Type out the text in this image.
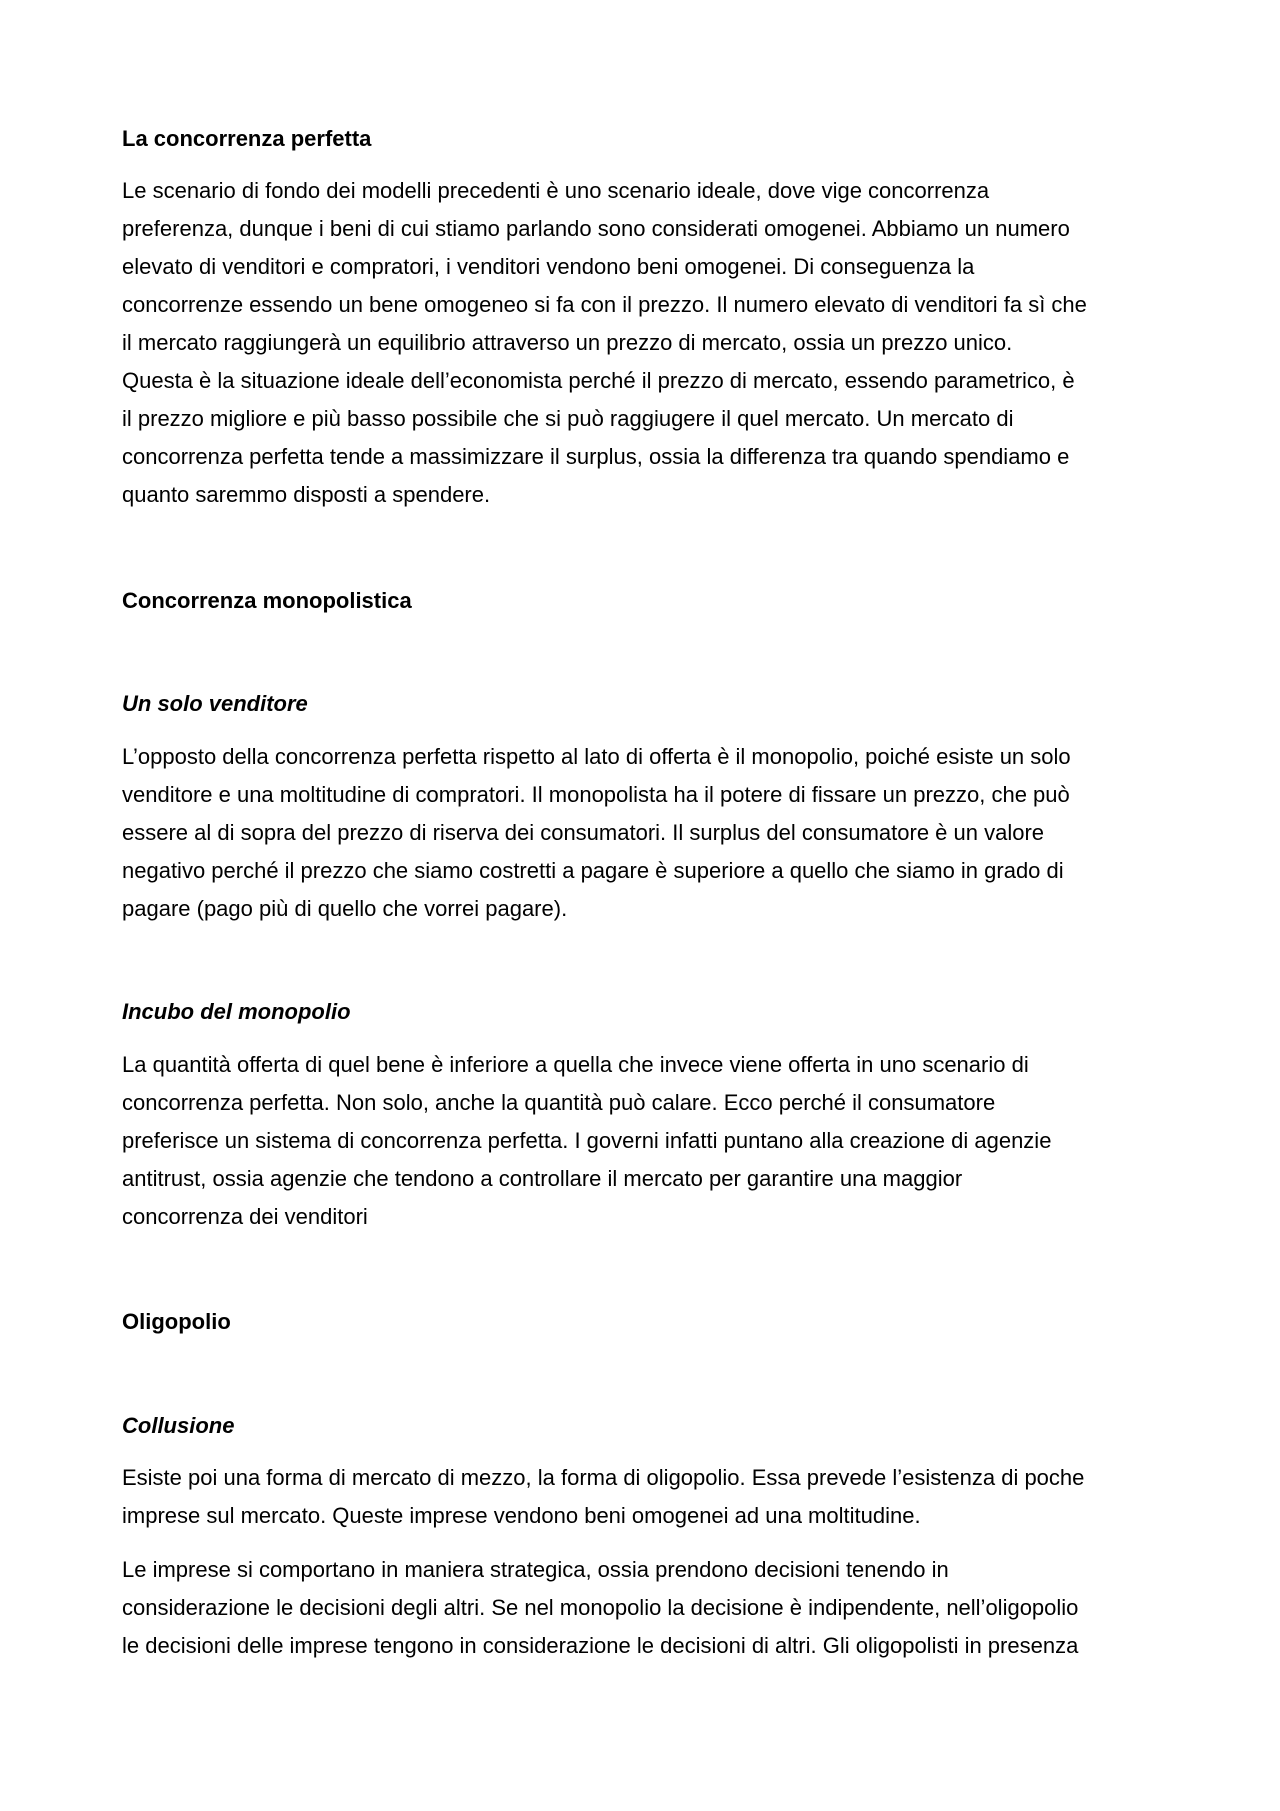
La concorrenza perfetta
Le scenario di fondo dei modelli precedenti è uno scenario ideale, dove vige concorrenza
preferenza, dunque i beni di cui stiamo parlando sono considerati omogenei. Abbiamo un numero
elevato di venditori e compratori, i venditori vendono beni omogenei. Di conseguenza la
concorrenze essendo un bene omogeneo si fa con il prezzo. Il numero elevato di venditori fa sì che
il mercato raggiungerà un equilibrio attraverso un prezzo di mercato, ossia un prezzo unico.
Questa è la situazione ideale dell’economista perché il prezzo di mercato, essendo parametrico, è
il prezzo migliore e più basso possibile che si può raggiugere il quel mercato. Un mercato di
concorrenza perfetta tende a massimizzare il surplus, ossia la differenza tra quando spendiamo e
quanto saremmo disposti a spendere.
Concorrenza monopolistica
Un solo venditore
L’opposto della concorrenza perfetta rispetto al lato di offerta è il monopolio, poiché esiste un solo
venditore e una moltitudine di compratori. Il monopolista ha il potere di fissare un prezzo, che può
essere al di sopra del prezzo di riserva dei consumatori. Il surplus del consumatore è un valore
negativo perché il prezzo che siamo costretti a pagare è superiore a quello che siamo in grado di
pagare (pago più di quello che vorrei pagare).
Incubo del monopolio
La quantità offerta di quel bene è inferiore a quella che invece viene offerta in uno scenario di
concorrenza perfetta. Non solo, anche la quantità può calare. Ecco perché il consumatore
preferisce un sistema di concorrenza perfetta. I governi infatti puntano alla creazione di agenzie
antitrust, ossia agenzie che tendono a controllare il mercato per garantire una maggior
concorrenza dei venditori
Oligopolio
Collusione
Esiste poi una forma di mercato di mezzo, la forma di oligopolio. Essa prevede l’esistenza di poche
imprese sul mercato. Queste imprese vendono beni omogenei ad una moltitudine.
Le imprese si comportano in maniera strategica, ossia prendono decisioni tenendo in
considerazione le decisioni degli altri. Se nel monopolio la decisione è indipendente, nell’oligopolio
le decisioni delle imprese tengono in considerazione le decisioni di altri. Gli oligopolisti in presenza
